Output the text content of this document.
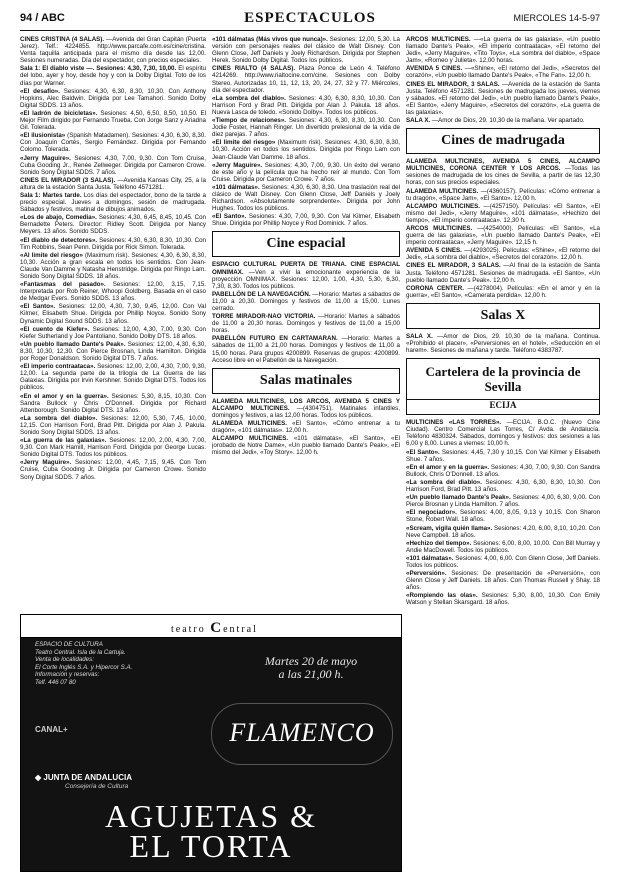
94 / ABC	ESPECTACULOS	MIERCOLES 14-5-97

CINES CRISTINA (4 SALAS). —Avenida del Gran Capitán (Puerta Jerez). Telf.: 4224855. http://www.parcafe.com.es/cine/cristina. Venta taquilla anticipada para el mismo día desde las 12,00. Sesiones numeradas. Día del espectador, con precios especiales.

Sala 1: El diablo viste —. Sesiones: 4,30, 7,30, 10,00. El espíritu del lobo, ayer y hoy, desde hoy y con la Dolby Digital. Toto de los días por Warner.

«El desafío». Sesiones: 4,30, 6,30, 8,30, 10,30. Con Anthony Hopkins, Alec Baldwin. Dirigida por Lee Tamahori. Sonido Dolby Digital SDDS. 13 años.

«El ladrón de bicicletas». Sesiones: 4,50, 6,50, 8,50, 10,50. El Mejor Film dirigido por Fernando Trueba. Con Jorge Sanz y Ariadna Gil. Tolerada.

«El ilusionista» (Spanish Matadamen). Sesiones: 4,30, 6,30, 8,30. Con Joaquín Cortés, Sergio Fernández. Dirigida por Fernando Colomo. Tolerada.

«Jerry Maguire». Sesiones: 4,30, 7,00, 9,30. Con Tom Cruise, Cuba Gooding Jr., Renée Zellweger. Dirigida por Cameron Crowe. Sonido Sony Digital SDDS. 7 años.

CINES EL MIRADOR (3 SALAS). —Avenida Kansas City, 25, a la altura de la estación Santa Justa. Teléfono 4571281.

Sala 1: Martes tarde. Los días del espectador, bono de la tarde a precio especial. Jueves a domingos, sesión de madrugada. Sábados y festivos, matinal de dibujos animados.

«Los de abajo, Comedia». Sesiones: 4,30, 6,45, 8,45, 10,45. Con Bernadette Peters. Director: Ridley Scott. Dirigida por Nancy Meyers. 13 años. Sonido SDDS.

«El diablo de detectores». Sesiones: 4,30, 6,30, 8,30, 10,30. Con Tim Robbins, Sean Penn. Dirigida por Rick Simon. Tolerada.

«Al limite del riesgo» (Maximum risk). Sesiones: 4,30, 6,30, 8,30, 10,30. Acción a gran escala en todos los sentidos. Con Jean-Claude Van Damme y Natasha Henstridge. Dirigida por Ringo Lam. Sonido Sony Digital SDDS. 18 años.

«Fantasmas del pasado». Sesiones: 12,00, 3,15, 7,15. Interpretada por Rob Reiner, Whoopi Goldberg. Basada en el caso de Medgar Evers. Sonido SDDS. 13 años.

«El Santo». Sesiones: 12,00, 4,30, 7,30, 9,45, 12,00. Con Val Kilmer, Elisabeth Shue. Dirigida por Phillip Noyce. Sonido Sony Dynamic Digital Sound SDDS. 13 años.

«El cuento de Kiefer». Sesiones: 12,00, 4,30, 7,00, 9,30. Con Kiefer Sutherland y Joe Pantoliano. Sonido Dolby DTS. 18 años.

«Un pueblo llamado Dante's Peak». Sesiones: 12,00, 4,30, 6,30, 8,30, 10,30, 12,30. Con Pierce Brosnan, Linda Hamilton. Dirigida por Roger Donaldson. Sonido Digital DTS. 7 años.

«El imperio contraataca». Sesiones: 12,00, 2,00, 4,30, 7,00, 9,30, 12,00. La segunda parte de la trilogía de La Guerra de las Galaxias. Dirigida por Irvin Kershner. Sonido Digital DTS. Todos los públicos.

«En el amor y en la guerra». Sesiones: 5,30, 8,15, 10,30. Con Sandra Bullock y Chris O'Donnell. Dirigida por Richard Attenborough. Sonido Digital DTS. 13 años.

«La sombra del diablo». Sesiones: 12,00, 5,30, 7,45, 10,00, 12,15. Con Harrison Ford, Brad Pitt. Dirigida por Alan J. Pakula. Sonido Sony Digital SDDS. 13 años.

«La guerra de las galaxias». Sesiones: 12,00, 2,00, 4,30, 7,00, 9,30. Con Mark Hamill, Harrison Ford. Dirigida por George Lucas. Sonido Digital DTS. Todos los públicos.

«Jerry Maguire». Sesiones: 12,00, 4,45, 7,15, 9,45. Con Tom Cruise, Cuba Gooding Jr. Dirigida por Cameron Crowe. Sonido Sony Digital SDDS. 7 años.

«101 dálmatas (Más vivos que nunca)». Sesiones: 12,00, 5,30. La versión con personajes reales del clásico de Walt Disney. Con Glenn Close, Jeff Daniels y Joely Richardson. Dirigida por Stephen Herek. Sonido Dolby Digital. Todos los públicos.

CINES RIALTO (4 SALAS). Plaza Ponce de León 4. Teléfono 4214269. http://www.rialtocine.com/cine. Sesiones con Dolby Stereo. Autorizadas 10, 11, 12, 13, 20, 24, 27, 32 y 77. Miércoles, día del espectador.

«La sombra del diablo». Sesiones: 4,30, 6,30, 8,30, 10,30. Con Harrison Ford y Brad Pitt. Dirigida por Alan J. Pakula. 18 años. Nueva Lasca de toledo. «Sonido Dolby». Todos los públicos.

«Tiempo de relaciones». Sesiones: 4,30, 6,30, 8,30, 10,30. Con Jodie Foster, Hannah Ringer. Un divertido prelesional de la vida de diez parejas. 7 años.

«El limite del riesgo» (Maximum risk). Sesiones: 4,30, 6,30, 8,30, 10,30. Acción en todos los sentidos. Dirigida por Ringo Lam con Jean-Claude Van Damme. 18 años.

«Jerry Maguire». Sesiones: 4,30, 7,00, 9,30. Un éxito del verano de este año y la película que ha hecho reír al mundo. Con Tom Cruise. Dirigida por Cameron Crowe. 7 años.

«101 dálmatas». Sesiones: 4,30, 6,30, 8,30. Una traslación real del clásico de Walt Disney. Con Glenn Close, Jeff Daniels y Joely Richardson. «Absolutamente sorprendente». Dirigida por John Hughes. Todos los públicos.

«El Santo». Sesiones: 4,30, 7,00, 9,30. Con Val Kilmer, Elisabeth Shue. Dirigida por Phillip Noyce y Rod Dominick. 7 años.

Cine espacial

ESPACIO CULTURAL PUERTA DE TRIANA. CINE ESPACIAL OMNIMAX. —Ven a vivir la emocionante experiencia de la proyección OMNIMAX. Sesiones: 12,00, 1,00, 4,30, 5,30, 6,30, 7,30, 8,30. Todos los públicos.

PABELLÓN DE LA NAVEGACIÓN. —Horario: Martes a sábados de 11,00 a 20,30. Domingos y festivos de 11,00 a 15,00. Lunes cerrado.

TORRE MIRADOR-NAO VICTORIA. —Horario: Martes a sábados de 11,00 a 20,30 horas. Domingos y festivos de 11,00 a 15,00 horas.

PABELLÓN FUTURO EN CARTAMARAN. —Horario: Martes a sábados de 11,00 a 21,00 horas. Domingos y festivos de 11,00 a 15,00 horas. Para grupos 4200899. Reservas de grupos: 4200899. Acceso libre en el Pabellón de la Navegación.

Salas matinales

ALAMEDA MULTICINES, LOS ARCOS, AVENIDA 5 CINES Y ALCAMPO MULTICINES. —(4304751). Matinales infantiles, domingos y festivos, a las 12,00 horas. Todos los públicos.

ALAMEDA MULTICINES. «El Santo», «Cómo entrenar a tu dragón», «101 dálmatas». 12,00 h.

ALCAMPO MULTICINES. «101 dálmatas», «El Santo», «El jorobado de Notre Dame», «Un pueblo llamado Dante's Peak», «El mismo del Jedi», «Toy Story». 12,00 h.

ARCOS MULTICINES. —«La guerra de las galaxias», «Un pueblo llamado Dante's Peak», «El imperio contraataca», «El retorno del Jedi», «Jerry Maguire», «Tito Toys», «La sombra del diablo», «Space Jam», «Romeo y Julieta». 12,00 horas.

AVENIDA 5 CINES. —«Shine», «El retorno del Jedi», «Secretos del corazón», «Un pueblo llamado Dante's Peak», «The Fan». 12,00 h.

CINES EL MIRADOR, 3 SALAS. —Avenida de la estación de Santa Justa. Teléfono 4571281. Sesiones de madrugada los jueves, viernes y sábados. «El retorno del Jedi», «Un pueblo llamado Dante's Peak», «El Santo», «Jerry Maguire», «Secretos del corazón», «La guerra de las galaxias».

SALA X. —Amor de Dios, 29. 10,30 de la mañana. Ver apartado.

Cines de madrugada

ALAMEDA MULTICINES, AVENIDA 5 CINES, ALCAMPO MULTICINES, CORONA CENTER Y LOS ARCOS. —Todas las sesiones de madrugada de los cines de Sevilla, a partir de las 12,30 horas, con sus precios especiales.

ALAMEDA MULTICINES. —(4360157). Películas: «Cómo entrenar a tu dragón», «Space Jam», «El Santo». 12,00 h.

ALCAMPO MULTICINES. —(4257150). Películas: «El Santo», «El mismo del Jedi», «Jerry Maguire», «101 dálmatas», «Hechizo del tiempo», «El imperio contraataca». 12,30 h.

ARCOS MULTICINES. —(4254000). Películas: «El Santo», «La guerra de las galaxias», «Un pueblo llamado Dante's Peak», «El imperio contraataca», «Jerry Maguire». 12,15 h.

AVENIDA 5 CINES. —(4293025). Películas: «Shine», «El retorno del Jedi», «La sombra del diablo», «Secretos del corazón». 12,00 h.

CINES EL MIRADOR, 3 SALAS. —Al final de la estación de Santa Justa. Teléfono 4571281. Sesiones de madrugada. «El Santo», «Un pueblo llamado Dante's Peak». 12,00 h.

CORONA CENTER. —(4278004). Películas: «En el amor y en la guerra», «El Santo», «Camerata perdida». 12,00 h.

Salas X

SALA X. —Amor de Dios, 29. 10,30 de la mañana. Continua. «Prohibido el placer», «Perversiones en el hotel», «Seducción en el harem». Sesiones de mañana y tarde. Teléfono 4383787.

Cartelera de la provincia de Sevilla
ECIJA

MULTICINES «LAS TORRES». —ECIJA. B.O.C. (Nuevo Cine Ciudad). Centro Comercial Las Torres, C/ Avda. de Andalucía. Teléfono 4830324. Sábados, domingos y festivos: dos sesiones a las 6,00 y 8,00. Lunes a viernes: 10,00 h.

«El Santo». Sesiones: 4,45, 7,30 y 10,15. Con Val Kilmer y Elisabeth Shue. 7 años.

«En el amor y en la guerra». Sesiones: 4,30, 7,00, 9,30. Con Sandra Bullock, Chris O'Donnell. 13 años.

«La sombra del diablo». Sesiones: 4,30, 6,30, 8,30, 10,30. Con Harrison Ford, Brad Pitt. 13 años.

«Un pueblo llamado Dante's Peak». Sesiones: 4,00, 6,30, 9,00. Con Pierce Brosnan y Linda Hamilton. 7 años.

«El negociador». Sesiones: 4,00, 8,05, 9,13 y 10,15. Con Sharon Stone, Robert Wall. 18 años.

«Scream, vigila quién llama». Sesiones: 4,20, 6,00, 8,10, 10,20. Con Neve Campbell. 18 años.

«Hechizo del tiempo». Sesiones: 6,00, 8,00, 10,00. Con Bill Murray y Andie MacDowell. Todos los públicos.

«101 dálmatas». Sesiones: 4,00, 6,00. Con Glenn Close, Jeff Daniels. Todos los públicos.

«Perversión». Sesiones: De presentación de «Perversión», con Glenn Close y Jeff Daniels. 18 años. Con Thomas Russell y Shay. 18 años.

«Rompiendo las olas». Sesiones: 5,30, 8,00, 10,30. Con Emily Watson y Stellan Skarsgard. 18 años.

teatro Central
ESPACIO DE CULTURA
Teatro Central. Isla de la Cartuja.
Venta de localidades:
El Corte Inglés S.A. y Hipercor S.A.
Información y reservas:
Telf. 446 07 80
Martes 20 de mayo
a las 21,00 h.
FLAMENCO
CANAL+
◆ JUNTA DE ANDALUCIA
Consejería de Cultura
AGUJETAS &
EL TORTA
